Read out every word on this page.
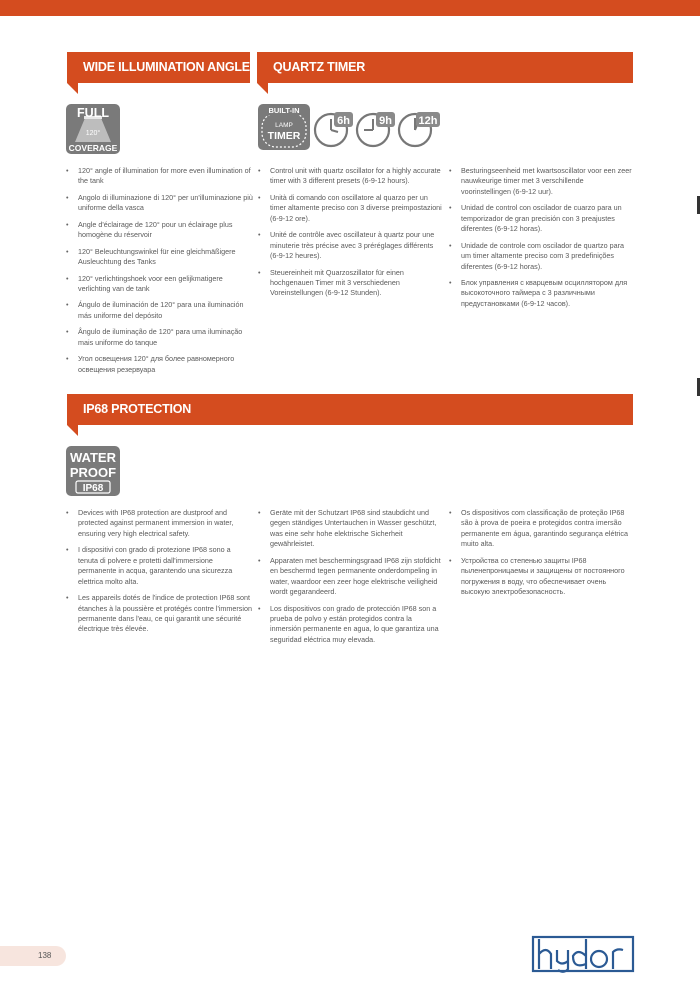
WIDE ILLUMINATION ANGLE
FULL
120°
COVERAGE
• 120° angle of illumination for more even illumination of the tank
• Angolo di illuminazione di 120° per un'illuminazione più uniforme della vasca
• Angle d'éclairage de 120° pour un éclairage plus homogène du réservoir
• 120° Beleuchtungswinkel für eine gleichmäßigere Ausleuchtung des Tanks
• 120° verlichtingshoek voor een gelijkmatigere verlichting van de tank
• Ángulo de iluminación de 120° para una iluminación más uniforme del depósito
• Ângulo de iluminação de 120° para uma iluminação mais uniforme do tanque
• Угол освещения 120° для более равномерного освещения резервуара
QUARTZ TIMER
BUILT-IN
LAMP
TIMER
6h	9h 12h
• Control unit with quartz oscillator for a highly accurate timer with 3 different presets (6-9-12 hours).
• Unità di comando con oscillatore al quarzo per un timer altamente preciso con 3 diverse preimpostazioni (6-9-12 ore).
• Unité de contrôle avec oscillateur à quartz pour une minuterie très précise avec 3 préréglages différents (6-9-12 heures).
• Steuereinheit mit Quarzoszillator für einen hochgenauen Timer mit 3 verschiedenen Voreinstellungen (6-9-12 Stunden).
• Besturingseenheid met kwartsoscillator voor een zeer nauwkeurige timer met 3 verschillende voorinstellingen (6-9-12 uur).
• Unidad de control con oscilador de cuarzo para un temporizador de gran precisión con 3 preajustes diferentes (6-9-12 horas).
• Unidade de controle com oscilador de quartzo para um timer altamente preciso com 3 predefinições diferentes (6-9-12 horas).
• Блок управления с кварцевым осциллятором для высокоточного таймера с 3 различными предустановками (6-9-12 часов).
IP68 PROTECTION
WATER
PROOF
IP68
• Devices with IP68 protection are dustproof and protected against permanent immersion in water, ensuring very high electrical safety.
• I dispositivi con grado di protezione IP68 sono a tenuta di polvere e protetti dall'immersione permanente in acqua, garantendo una sicurezza elettrica molto alta.
• Les appareils dotés de l'indice de protection IP68 sont étanches à la poussière et protégés contre l'immersion permanente dans l'eau, ce qui garantit une sécurité électrique très élevée.
• Geräte mit der Schutzart IP68 sind staubdicht und gegen ständiges Untertauchen in Wasser geschützt, was eine sehr hohe elektrische Sicherheit gewährleistet.
• Apparaten met beschermingsgraad IP68 zijn stofdicht en beschermd tegen permanente onderdompeling in water, waardoor een zeer hoge elektrische veiligheid wordt gegarandeerd.
• Los dispositivos con grado de protección IP68 son a prueba de polvo y están protegidos contra la inmersión permanente en agua, lo que garantiza una seguridad eléctrica muy elevada.
• Os dispositivos com classificação de proteção IP68 são à prova de poeira e protegidos contra imersão permanente em água, garantindo segurança elétrica muito alta.
• Устройства со степенью защиты IP68 пыленепроницаемы и защищены от постоянного погружения в воду, что обеспечивает очень высокую электробезопасность.
138
hydor
